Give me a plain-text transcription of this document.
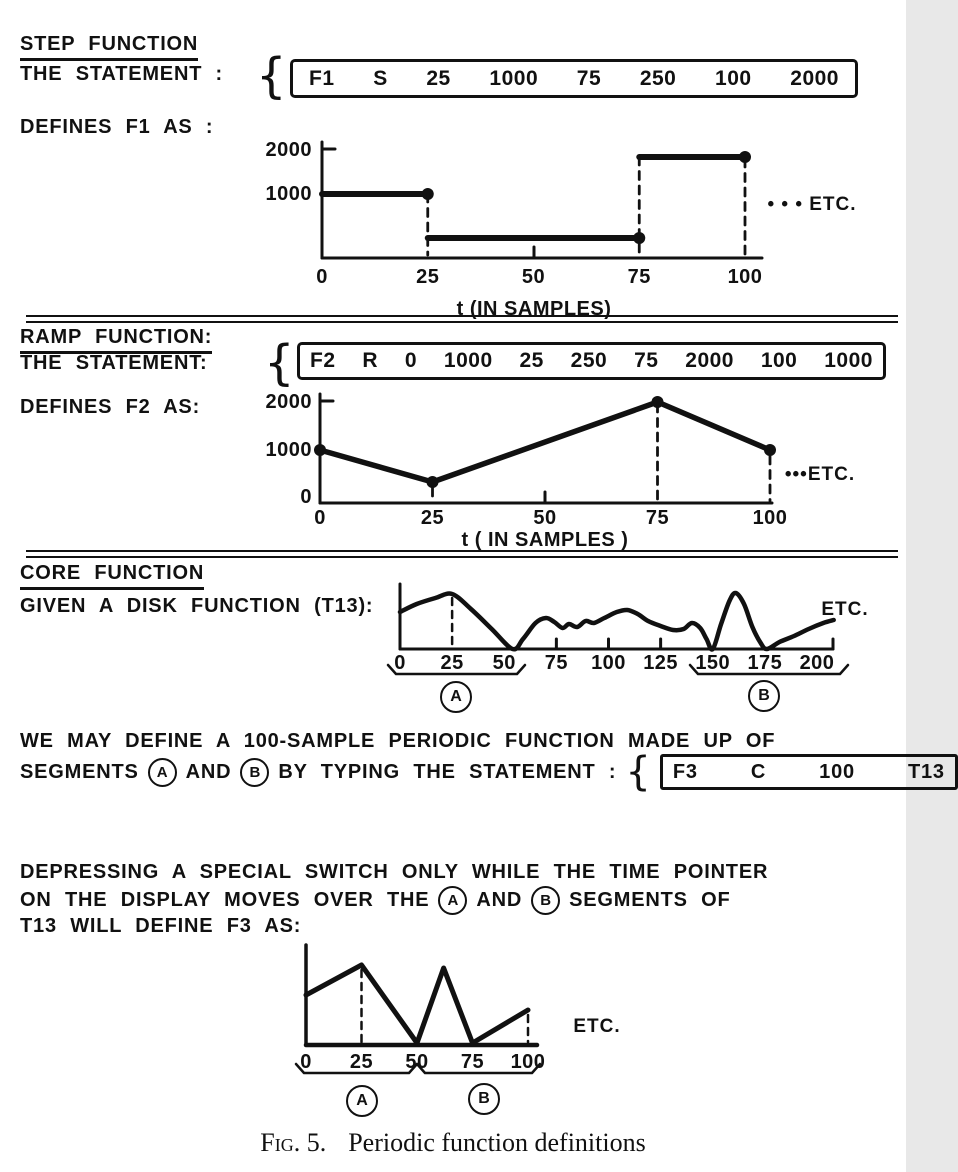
STEP FUNCTION
THE STATEMENT : { F1 S 25 1000 75 250 100 2000
DEFINES F1 AS :
RAMP FUNCTION:
THE STATEMENT: { F2 R 0 1000 25 250 75 2000 100 1000
DEFINES F2 AS:
CORE FUNCTION
GIVEN A DISK FUNCTION (T13):
WE MAY DEFINE A 100-SAMPLE PERIODIC FUNCTION MADE UP OF
SEGMENTS	A AND	B BY TYPING THE STATEMENT : { F3	C	100	T13
DEPRESSING A SPECIAL SWITCH ONLY WHILE THE TIME POINTER
ON THE DISPLAY MOVES OVER THE	A AND	B SEGMENTS OF
T13 WILL DEFINE F3 AS:
Fig. 5. Periodic function definitions
0	25	50	75	100
2000
1000
t (IN SAMPLES)
• • • ETC.
0	25	50	75	100
2000
1000
0
t ( IN SAMPLES )
•••ETC.
0 25 50 75 100 125 150 175 200
A	B
ETC.
0 25 50 75 100
A	B
ETC.
